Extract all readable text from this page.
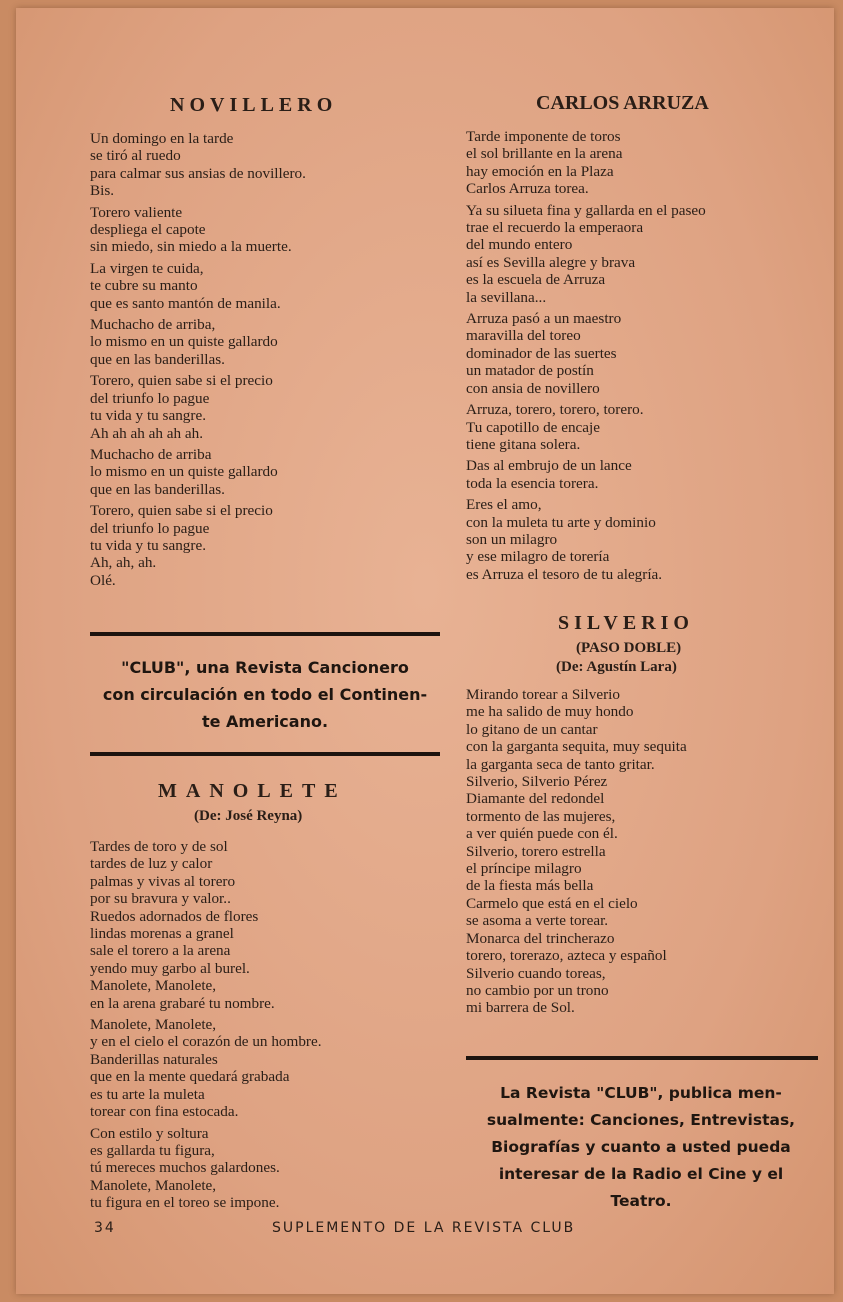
NOVILLERO
Un domingo en la tarde
se tiró al ruedo
para calmar sus ansias de novillero.
Bis.
Torero valiente
despliega el capote
sin miedo, sin miedo a la muerte.
La virgen te cuida,
te cubre su manto
que es santo mantón de manila.
Muchacho de arriba,
lo mismo en un quiste gallardo
que en las banderillas.
Torero, quien sabe si el precio
del triunfo lo pague
tu vida y tu sangre.
Ah ah ah ah ah ah.
Muchacho de arriba
lo mismo en un quiste gallardo
que en las banderillas.
Torero, quien sabe si el precio
del triunfo lo pague
tu vida y tu sangre.
Ah, ah, ah.
Olé.
"CLUB", una Revista Cancionero
con circulación en todo el Continen-
te Americano.
MANOLETE

(De: José Reyna)

Tardes de toro y de sol
tardes de luz y calor
palmas y vivas al torero
por su bravura y valor..
Ruedos adornados de flores
lindas morenas a granel
sale el torero a la arena
yendo muy garbo al burel.
Manolete, Manolete,
en la arena grabaré tu nombre.
Manolete, Manolete,
y en el cielo el corazón de un hombre.
Banderillas naturales
que en la mente quedará grabada
es tu arte la muleta
torear con fina estocada.
Con estilo y soltura
es gallarda tu figura,
tú mereces muchos galardones.
Manolete, Manolete,
tu figura en el toreo se impone.
CARLOS ARRUZA
Tarde imponente de toros
el sol brillante en la arena
hay emoción en la Plaza
Carlos Arruza torea.
Ya su silueta fina y gallarda en el paseo
trae el recuerdo la emperaora
del mundo entero
así es Sevilla alegre y brava
es la escuela de Arruza
la sevillana...
Arruza pasó a un maestro
maravilla del toreo
dominador de las suertes
un matador de postín
con ansia de novillero
Arruza, torero, torero, torero.
Tu capotillo de encaje
tiene gitana solera.
Das al embrujo de un lance
toda la esencia torera.
Eres el amo,
con la muleta tu arte y dominio
son un milagro
y ese milagro de torería
es Arruza el tesoro de tu alegría.
SILVERIO

(PASO DOBLE)

(De: Agustín Lara)

Mirando torear a Silverio
me ha salido de muy hondo
lo gitano de un cantar
con la garganta sequita, muy sequita
la garganta seca de tanto gritar.
Silverio, Silverio Pérez
Diamante del redondel
tormento de las mujeres,
a ver quién puede con él.
Silverio, torero estrella
el príncipe milagro
de la fiesta más bella
Carmelo que está en el cielo
se asoma a verte torear.
Monarca del trincherazo
torero, torerazo, azteca y español
Silverio cuando toreas,
no cambio por un trono
mi barrera de Sol.
La Revista "CLUB", publica men-
sualmente: Canciones, Entrevistas,
Biografías y cuanto a usted pueda
interesar de la Radio el Cine y el
Teatro.

34	SUPLEMENTO DE LA REVISTA CLUB
